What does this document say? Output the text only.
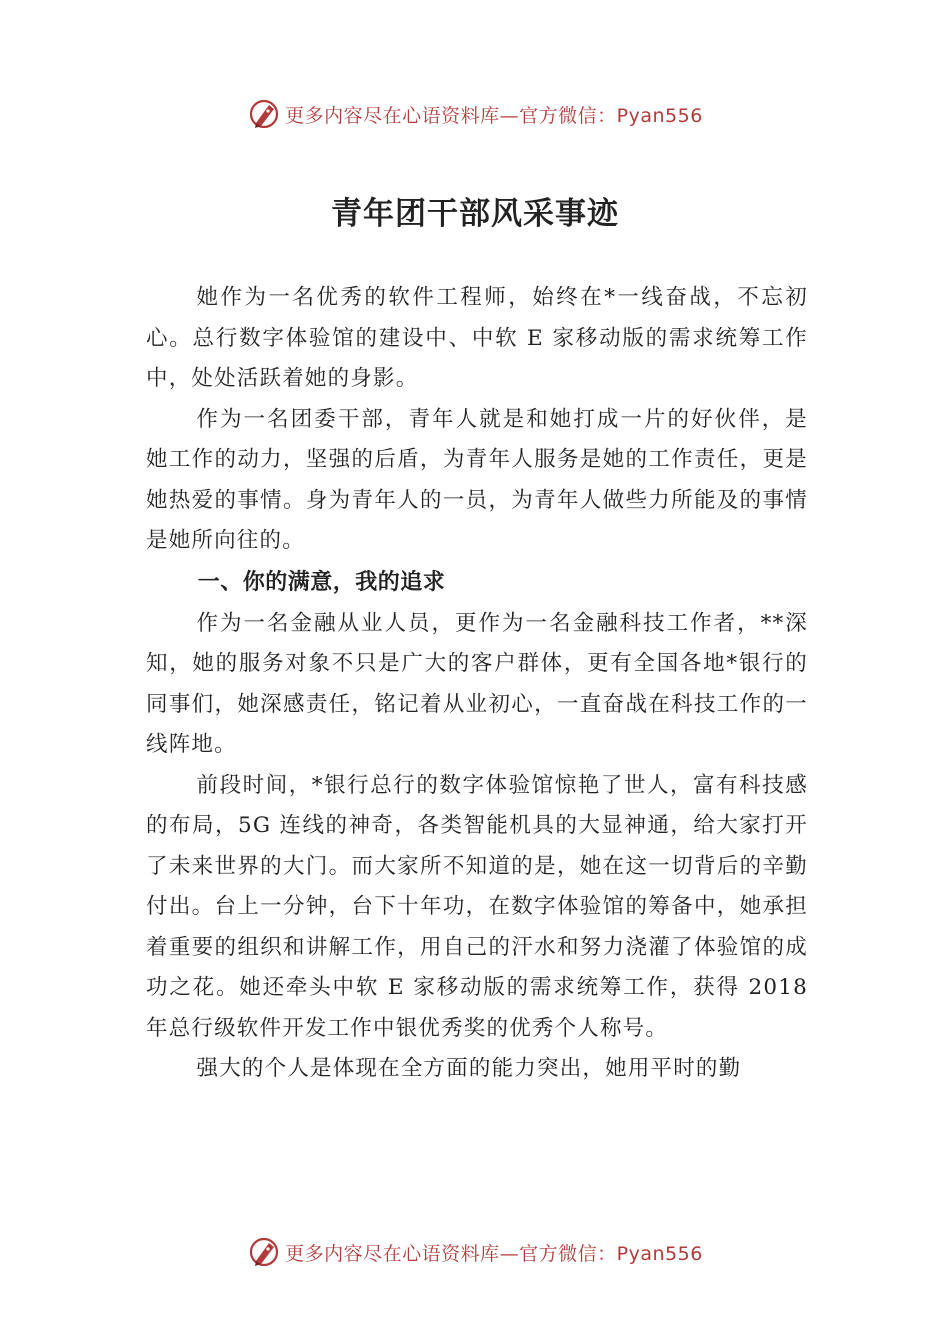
更多内容尽在心语资料库—官方微信：Pyan556
青年团干部风采事迹

她作为一名优秀的软件工程师，始终在*一线奋战，不忘初心。总行数字体验馆的建设中、中软 E 家移动版的需求统筹工作中，处处活跃着她的身影。

作为一名团委干部，青年人就是和她打成一片的好伙伴，是她工作的动力，坚强的后盾，为青年人服务是她的工作责任，更是她热爱的事情。身为青年人的一员，为青年人做些力所能及的事情是她所向往的。

一、你的满意，我的追求

作为一名金融从业人员，更作为一名金融科技工作者，**深知，她的服务对象不只是广大的客户群体，更有全国各地*银行的同事们，她深感责任，铭记着从业初心，一直奋战在科技工作的一线阵地。

前段时间，*银行总行的数字体验馆惊艳了世人，富有科技感的布局，5G 连线的神奇，各类智能机具的大显神通，给大家打开了未来世界的大门。而大家所不知道的是，她在这一切背后的辛勤付出。台上一分钟，台下十年功，在数字体验馆的筹备中，她承担着重要的组织和讲解工作，用自己的汗水和努力浇灌了体验馆的成功之花。她还牵头中软 E 家移动版的需求统筹工作，获得 2018 年总行级软件开发工作中银优秀奖的优秀个人称号。

强大的个人是体现在全方面的能力突出，她用平时的勤

更多内容尽在心语资料库—官方微信：Pyan556
